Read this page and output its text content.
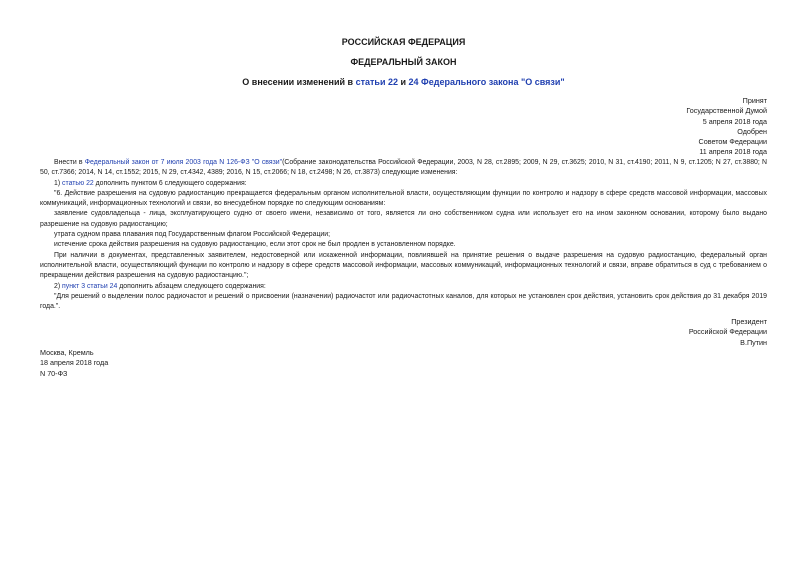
РОССИЙСКАЯ ФЕДЕРАЦИЯ
ФЕДЕРАЛЬНЫЙ ЗАКОН
О внесении изменений в статьи 22 и 24 Федерального закона "О связи"
Принят
Государственной Думой
5 апреля 2018 года
Одобрен
Советом Федерации
11 апреля 2018 года

Внести в Федеральный закон от 7 июля 2003 года N 126-ФЗ "О связи"(Собрание законодательства Российской Федерации, 2003, N 28, ст.2895; 2009, N 29, ст.3625; 2010, N 31, ст.4190; 2011, N 9, ст.1205; N 27, ст.3880; N 50, ст.7366; 2014, N 14, ст.1552; 2015, N 29, ст.4342, 4389; 2016, N 15, ст.2066; N 18, ст.2498; N 26, ст.3873) следующие изменения:

1) статью 22 дополнить пунктом 6 следующего содержания:

"6. Действие разрешения на судовую радиостанцию прекращается федеральным органом исполнительной власти, осуществляющим функции по контролю и надзору в сфере средств массовой информации, массовых коммуникаций, информационных технологий и связи, во внесудебном порядке по следующим основаниям:

заявление судовладельца - лица, эксплуатирующего судно от своего имени, независимо от того, является ли оно собственником судна или использует его на ином законном основании, которому было выдано разрешение на судовую радиостанцию;

утрата судном права плавания под Государственным флагом Российской Федерации;

истечение срока действия разрешения на судовую радиостанцию, если этот срок не был продлен в установленном порядке.

При наличии в документах, представленных заявителем, недостоверной или искаженной информации, повлиявшей на принятие решения о выдаче разрешения на судовую радиостанцию, федеральный орган исполнительной власти, осуществляющий функции по контролю и надзору в сфере средств массовой информации, массовых коммуникаций, информационных технологий и связи, вправе обратиться в суд с требованием о прекращении действия разрешения на судовую радиостанцию.";

2) пункт 3 статьи 24 дополнить абзацем следующего содержания:

"Для решений о выделении полос радиочастот и решений о присвоении (назначении) радиочастот или радиочастотных каналов, для которых не установлен срок действия, установить срок действия до 31 декабря 2019 года.".

Президент
Российской Федерации
В.Путин
Москва, Кремль
18 апреля 2018 года
N 70-ФЗ
